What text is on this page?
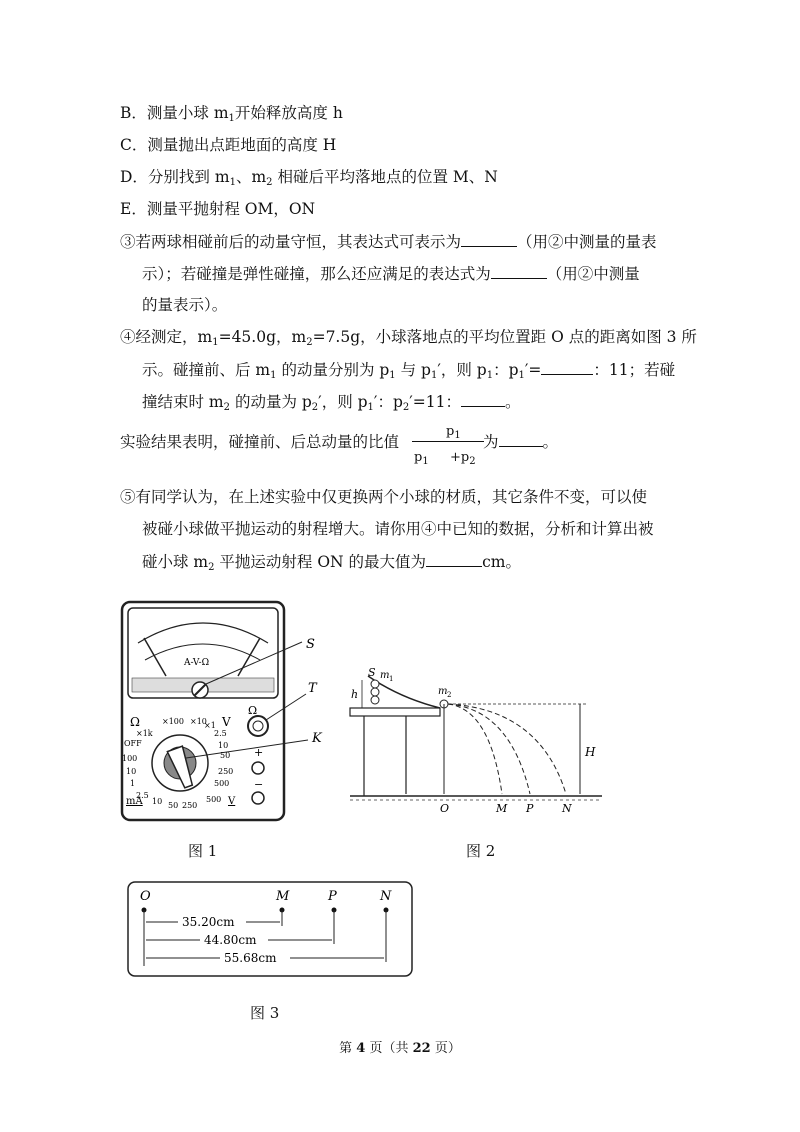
B．测量小球 $m_1$开始释放高度 h
C．测量抛出点距地面的高度 H
D．分别找到 $m_1$、$m_2$ 相碰后平均落地点的位置 M、N
E．测量平抛射程 OM，ON
③若两球相碰前后的动量守恒，其表达式可表示为	（用②中测量的量表
示）；若碰撞是弹性碰撞，那么还应满足的表达式为	（用②中测量
的量表示）。
④经测定，$m_1=45.0g$，$m_2=7.5g$，小球落地点的平均位置距 O 点的距离如图 3 所
示。碰撞前、后 $m_1$ 的动量分别为 $p_1$ 与 $p_1'$，则 $p_1$：$p_1'=$	：11；若碰
撞结束时 $m_2$ 的动量为 $p_2'$，则 $p_1'$：$p_2'=11$：	。
实验结果表明，碰撞前、后总动量的比值	为	。
$p_1$
$p_1 +p_2$
⑤有同学认为，在上述实验中仅更换两个小球的材质，其它条件不变，可以使
被碰小球做平抛运动的射程增大。请你用④中已知的数据，分析和计算出被
碰小球 $m_2$ 平抛运动射程 ON 的最大值为	cm。
A-V-Ω
S
Ω
×1k
×100 ×10
×1 V
OFF
100
10
1
2.5
10
50
250
500
K
2.5
10 50 250
500
mA	V
Ω
T
+
−
图 1
S m 1
h	m 2
H
O	M P	N
图 2
O	M	P	N
35.20cm
44.80cm
55.68cm
图 3
第 4 页（共 22 页）
